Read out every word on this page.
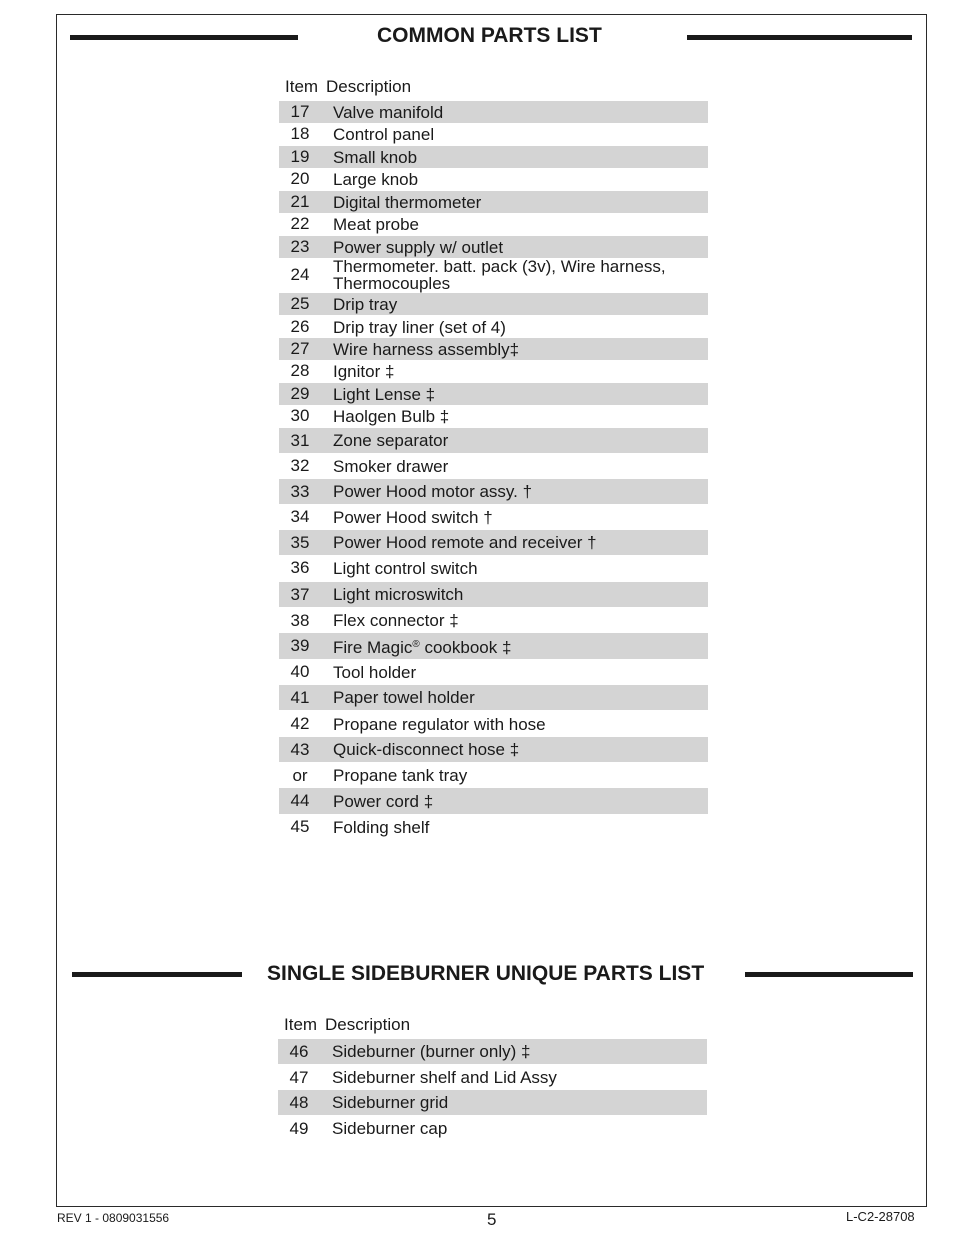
COMMON PARTS LIST
Item Description
17	Valve manifold
18	Control panel
19	Small knob
20	Large knob
21	Digital thermometer
22	Meat probe
23	Power supply w/ outlet
24	Thermometer. batt. pack (3v), Wire harness, Thermocouples
25	Drip tray
26	Drip tray liner (set of 4)
27	Wire harness assembly‡
28	Ignitor ‡
29	Light Lense ‡
30	Haolgen Bulb ‡
31	Zone separator
32	Smoker drawer
33	Power Hood motor assy. †
34	Power Hood switch †
35	Power Hood remote and receiver †
36	Light control switch
37	Light microswitch
38	Flex connector ‡
39	Fire Magic® cookbook ‡
40	Tool holder
41	Paper towel holder
42	Propane regulator with hose
43	Quick-disconnect hose ‡
or	Propane tank tray
44	Power cord ‡
45	Folding shelf
SINGLE SIDEBURNER UNIQUE PARTS LIST
Item Description
46	Sideburner (burner only) ‡
47	Sideburner shelf and Lid Assy
48	Sideburner grid
49	Sideburner cap
REV 1 - 0809031556	5	L-C2-28708
